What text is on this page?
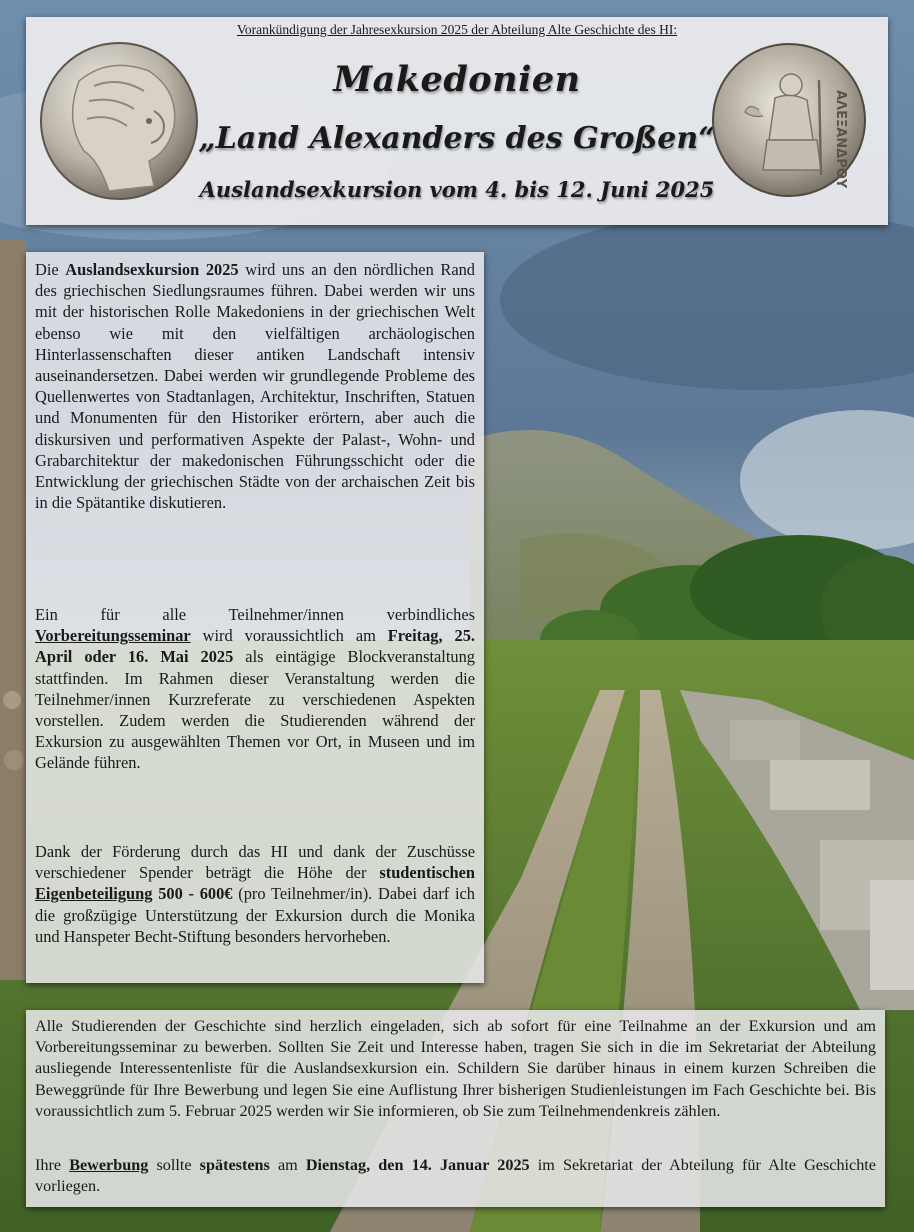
Vorankündigung der Jahresexkursion 2025 der Abteilung Alte Geschichte des HI:
Makedonien
„Land Alexanders des Großen“
Auslandsexkursion vom 4. bis 12. Juni 2025
ΑΛΕΞΑΝΔΡΟΥ

Die Auslandsexkursion 2025 wird uns an den nördlichen Rand des griechischen Siedlungsraumes führen. Dabei werden wir uns mit der historischen Rolle Makedoniens in der griechischen Welt ebenso wie mit den vielfältigen archäologischen Hinterlassenschaften dieser antiken Landschaft intensiv auseinandersetzen. Dabei werden wir grundlegende Probleme des Quellenwertes von Stadtanlagen, Architektur, Inschriften, Statuen und Monumenten für den Historiker erörtern, aber auch die diskursiven und performativen Aspekte der Palast-, Wohn- und Grabarchitektur der makedonischen Führungsschicht oder die Entwicklung der griechischen Städte von der archaischen Zeit bis in die Spätantike diskutieren.

Ein für alle Teilnehmer/innen verbindliches Vorbereitungsseminar wird voraussichtlich am Freitag, 25. April oder 16. Mai 2025 als eintägige Blockveranstaltung stattfinden. Im Rahmen dieser Veranstaltung werden die Teilnehmer/innen Kurzreferate zu verschiedenen Aspekten vorstellen. Zudem werden die Studierenden während der Exkursion zu ausgewählten Themen vor Ort, in Museen und im Gelände führen.

Dank der Förderung durch das HI und dank der Zuschüsse verschiedener Spender beträgt die Höhe der studentischen Eigenbeteiligung 500 - 600€ (pro Teilnehmer/in). Dabei darf ich die großzügige Unterstützung der Exkursion durch die Monika und Hanspeter Becht-Stiftung besonders hervorheben.

Alle Studierenden der Geschichte sind herzlich eingeladen, sich ab sofort für eine Teilnahme an der Exkursion und am Vorbereitungsseminar zu bewerben. Sollten Sie Zeit und Interesse haben, tragen Sie sich in die im Sekretariat der Abteilung ausliegende Interessentenliste für die Auslandsexkursion ein. Schildern Sie darüber hinaus in einem kurzen Schreiben die Beweggründe für Ihre Bewerbung und legen Sie eine Auflistung Ihrer bisherigen Studienleistungen im Fach Geschichte bei. Bis voraussichtlich zum 5. Februar 2025 werden wir Sie informieren, ob Sie zum Teilnehmendenkreis zählen.

Ihre Bewerbung sollte spätestens am Dienstag, den 14. Januar 2025 im Sekretariat der Abteilung für Alte Geschichte vorliegen.
